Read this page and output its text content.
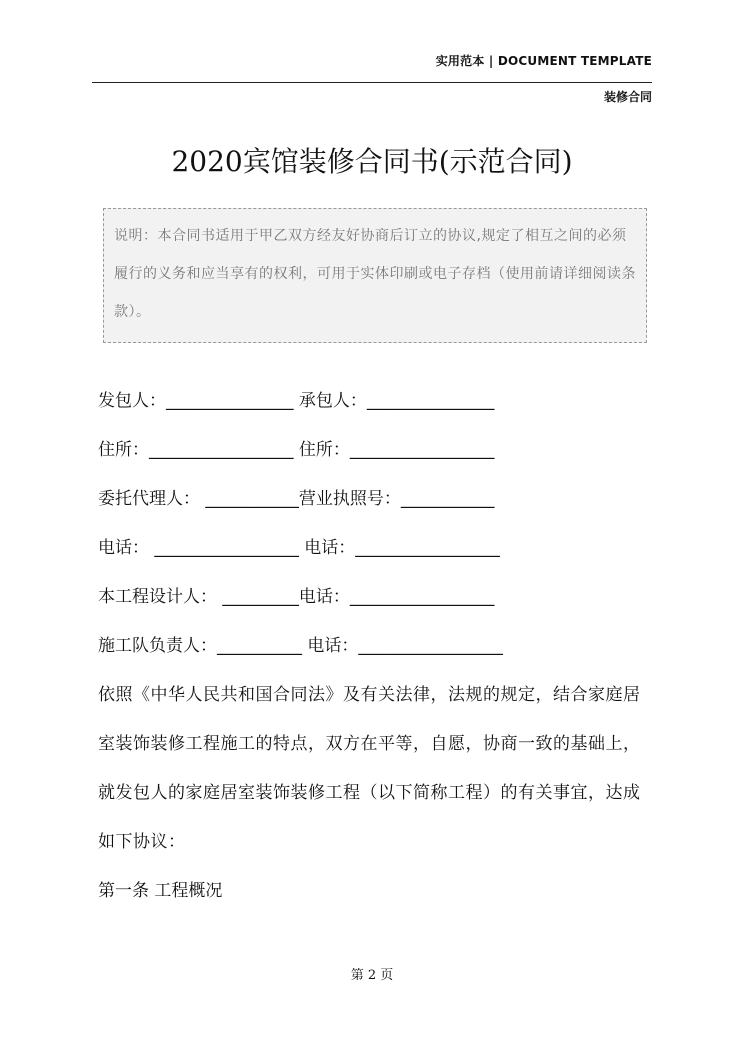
实用范本 | DOCUMENT TEMPLATE
装修合同
2020宾馆装修合同书(示范合同)
说明：本合同书适用于甲乙双方经友好协商后订立的协议,规定了相互之间的必须履行的义务和应当享有的权利，可用于实体印刷或电子存档（使用前请详细阅读条款）。
发包人：_______________ 承包人：_______________
住所：_________________ 住所：_________________
委托代理人： ___________营业执照号：___________
电话： _________________ 电话：_________________
本工程设计人： _________电话：_________________
施工队负责人：__________ 电话：_________________
依照《中华人民共和国合同法》及有关法律，法规的规定，结合家庭居室装饰装修工程施工的特点，双方在平等，自愿，协商一致的基础上，就发包人的家庭居室装饰装修工程（以下简称工程）的有关事宜，达成如下协议：
第一条 工程概况
第 2 页
